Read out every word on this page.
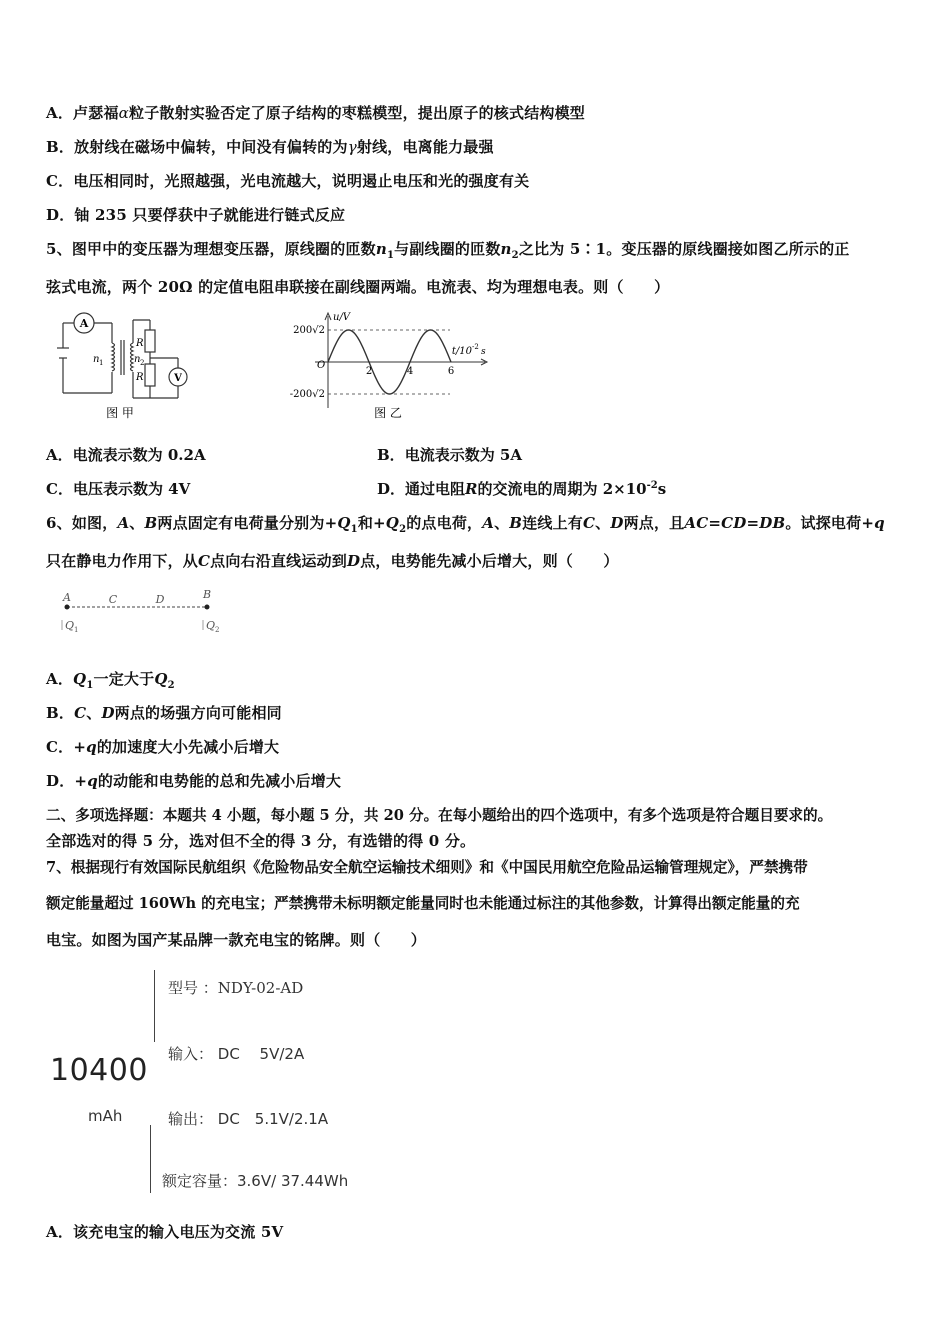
A．卢瑟福α粒子散射实验否定了原子结构的枣糕模型，提出原子的核式结构模型
B．放射线在磁场中偏转，中间没有偏转的为γ射线，电离能力最强
C．电压相同时，光照越强，光电流越大，说明遏止电压和光的强度有关
D．铀 235 只要俘获中子就能进行链式反应
5、图甲中的变压器为理想变压器，原线圈的匝数$n_1$与副线圈的匝数$n_2$之比为 5∶1。变压器的原线圈接如图乙所示的正
弦式电流，两个 20Ω 的定值电阻串联接在副线圈两端。电流表、均为理想电表。则（　　）
A
V
n 1	n 2
R
R
图 甲
u/V
t/10 -2 s
O
200√2
-200√2
2	4	6
图 乙
A．电流表示数为 0.2A	B．电流表示数为 5A
C．电压表示数为 4V	D．通过电阻R的交流电的周期为 $2\times 10^{-2}s$
6、如图，A、B两点固定有电荷量分别为$+Q_1$和$+Q_2$的点电荷，A、B连线上有C、D两点，且AC=CD=DB。试探电荷+q
只在静电力作用下，从C点向右沿直线运动到D点，电势能先减小后增大，则（　　）
A	C	D	B
Q 1	Q 2
A．$Q_1$一定大于$Q_2$
B．C、D两点的场强方向可能相同
C．+q的加速度大小先减小后增大
D．+q的动能和电势能的总和先减小后增大
二、多项选择题：本题共 4 小题，每小题 5 分，共 20 分。在每小题给出的四个选项中，有多个选项是符合题目要求的。
全部选对的得 5 分，选对但不全的得 3 分，有选错的得 0 分。
7、根据现行有效国际民航组织《危险物品安全航空运输技术细则》和《中国民用航空危险品运输管理规定》，严禁携带
额定能量超过 160Wh 的充电宝；严禁携带未标明额定能量同时也未能通过标注的其他参数，计算得出额定能量的充
电宝。如图为国产某品牌一款充电宝的铭牌。则（　　）
10400
mAh
型号 ：NDY-02-AD
输入： DC　 5V/2A
输出： DC　5.1V/2.1A
额定容量：3.6V/ 37.44Wh
A．该充电宝的输入电压为交流 5V
